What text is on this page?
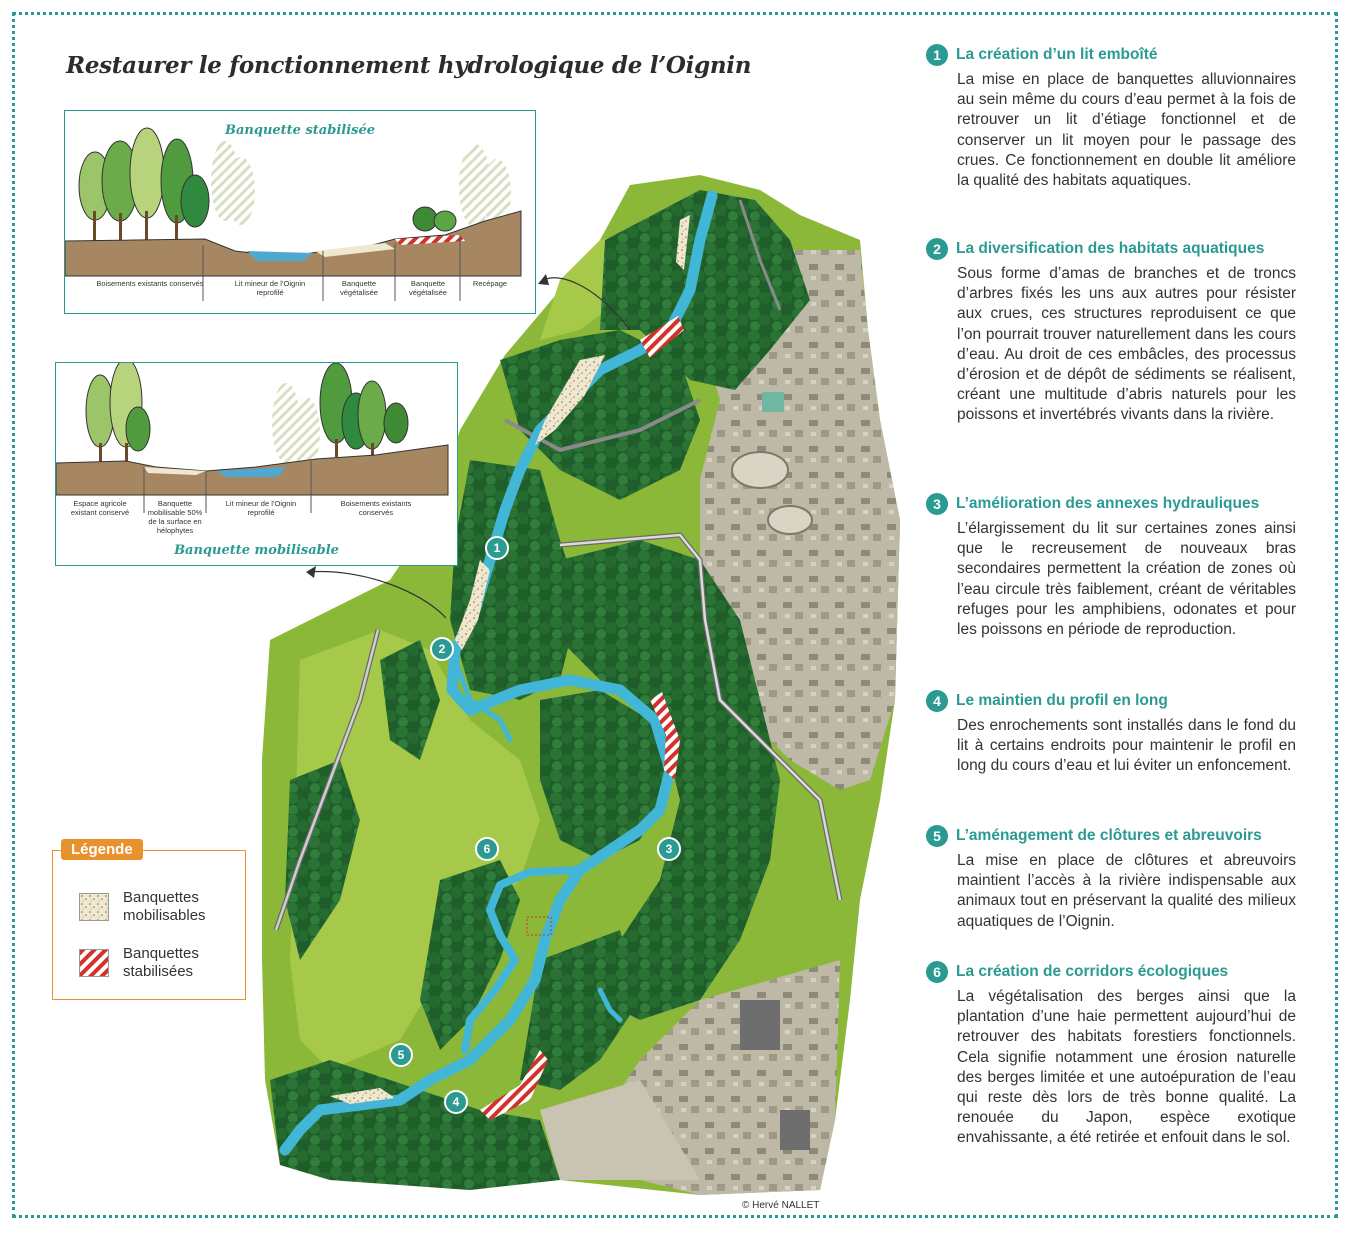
Restaurer le fonctionnement hydrologique de l’Oignin
1
2
3
4
5
6
Banquette stabilisée
Boisements existants conservés	Lit mineur de l’Oignin reprofilé
Banquette végétalisée
Banquette végétalisée
Recépage
Espace agricole existant conservé
Banquette mobilisable 50% de la surface en hélophytes
Lit mineur de l’Oignin reprofilé
Boisements existants conservés
Banquette mobilisable
Légende
Banquettes
mobilisables
Banquettes
stabilisées
© Hervé NALLET
1 La création d’un lit emboîté
La mise en place de banquettes alluvionnaires au sein même du cours d’eau permet à la fois de retrouver un lit d’étiage fonctionnel et de conserver un lit moyen pour le passage des crues. Ce fonctionnement en double lit améliore la qualité des habitats aquatiques.
2 La diversification des habitats aquatiques
Sous forme d’amas de branches et de troncs d’arbres fixés les uns aux autres pour résister aux crues, ces structures reproduisent ce que l’on pourrait trouver naturellement dans les cours d’eau. Au droit de ces embâcles, des processus d’érosion et de dépôt de sédiments se réalisent, créant une multitude d’abris naturels pour les poissons et invertébrés vivants dans la rivière.
3 L’amélioration des annexes hydrauliques
L’élargissement du lit sur certaines zones ainsi que le recreusement de nouveaux bras secondaires permettent la création de zones où l’eau circule très faiblement, créant de véritables refuges pour les amphibiens, odonates et pour les poissons en période de reproduction.
4 Le maintien du profil en long
Des enrochements sont installés dans le fond du lit à certains endroits pour maintenir le profil en long du cours d’eau et lui éviter un enfoncement.
5 L’aménagement de clôtures et abreuvoirs
La mise en place de clôtures et abreuvoirs maintient l’accès à la rivière indispensable aux animaux tout en préservant la qualité des milieux aquatiques de l’Oignin.
6 La création de corridors écologiques
La végétalisation des berges ainsi que la plantation d’une haie permettent aujourd’hui de retrouver des habitats forestiers fonctionnels. Cela signifie notamment une érosion naturelle des berges limitée et une autoépuration de l’eau qui reste dès lors de très bonne qualité. La renouée du Japon, espèce exotique envahissante, a été retirée et enfouit dans le sol.
